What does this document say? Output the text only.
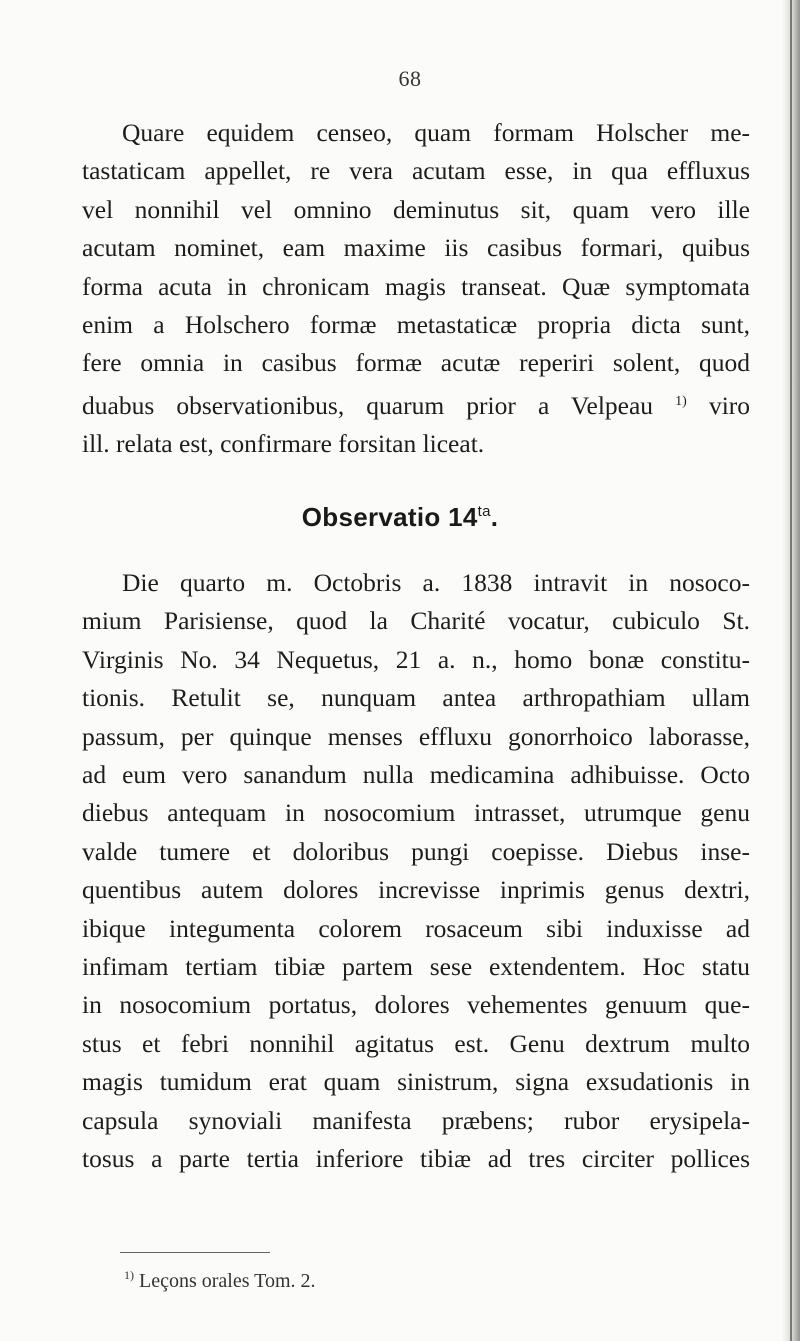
68
Quare equidem censeo, quam formam Holscher me-
tastaticam appellet, re vera acutam esse, in qua effluxus
vel nonnihil vel omnino deminutus sit, quam vero ille
acutam nominet, eam maxime iis casibus formari, quibus
forma acuta in chronicam magis transeat. Quæ symptomata
enim a Holschero formæ metastaticæ propria dicta sunt,
fere omnia in casibus formæ acutæ reperiri solent, quod
duabus observationibus, quarum prior a Velpeau $^{1)}$ viro
ill. relata est, confirmare forsitan liceat.
Observatio $14^{ta}$.
Die quarto m. Octobris a. 1838 intravit in nosoco-
mium Parisiense, quod la Charité vocatur, cubiculo St.
Virginis No. 34 Nequetus, 21 a. n., homo bonæ constitu-
tionis. Retulit se, nunquam antea arthropathiam ullam
passum, per quinque menses effluxu gonorrhoico laborasse,
ad eum vero sanandum nulla medicamina adhibuisse. Octo
diebus antequam in nosocomium intrasset, utrumque genu
valde tumere et doloribus pungi coepisse. Diebus inse-
quentibus autem dolores increvisse inprimis genus dextri,
ibique integumenta colorem rosaceum sibi induxisse ad
infimam tertiam tibiæ partem sese extendentem. Hoc statu
in nosocomium portatus, dolores vehementes genuum que-
stus et febri nonnihil agitatus est. Genu dextrum multo
magis tumidum erat quam sinistrum, signa exsudationis in
capsula synoviali manifesta præbens; rubor erysipela-
tosus a parte tertia inferiore tibiæ ad tres circiter pollices
$^{1)}$ Leçons orales Tom. 2.
